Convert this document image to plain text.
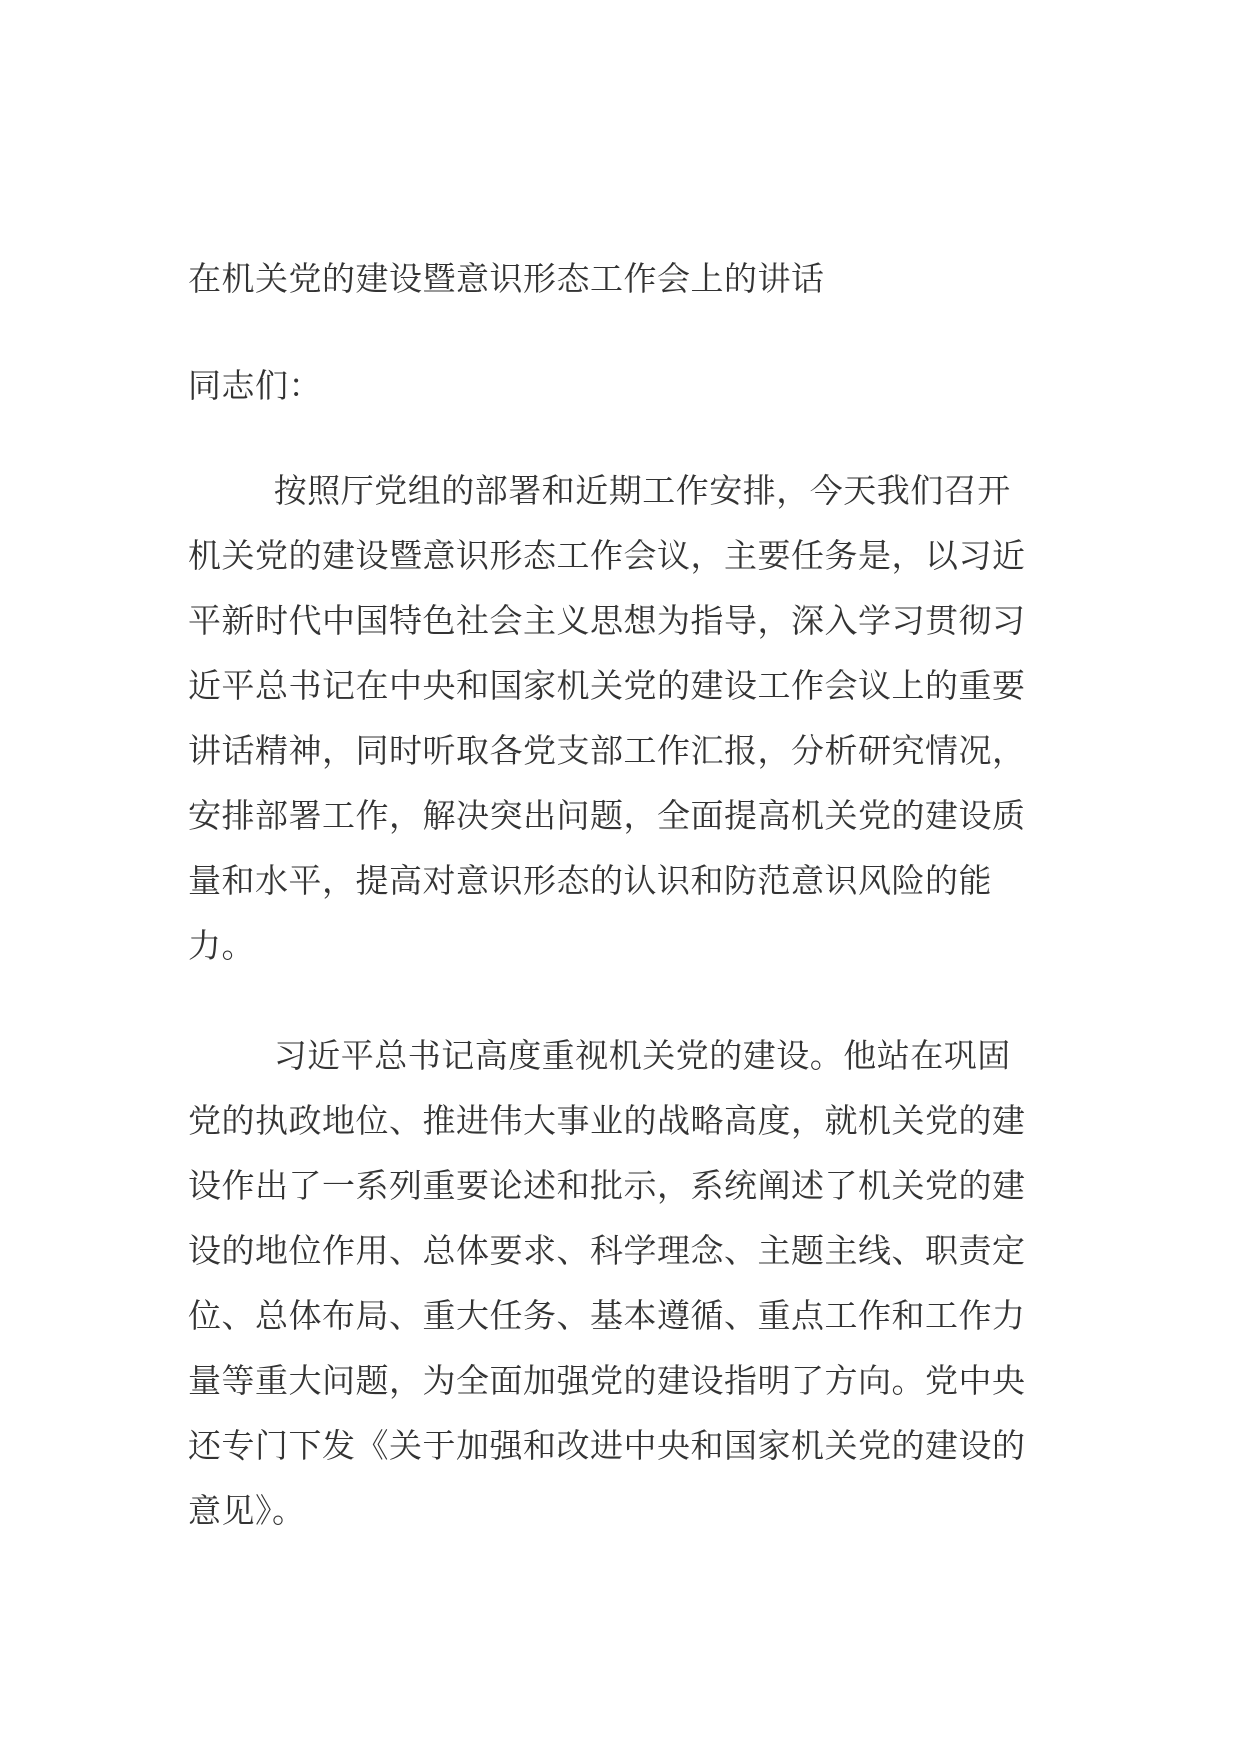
在机关党的建设暨意识形态工作会上的讲话

同志们：

按照厅党组的部署和近期工作安排，今天我们召开机关党的建设暨意识形态工作会议，主要任务是，以习近平新时代中国特色社会主义思想为指导，深入学习贯彻习近平总书记在中央和国家机关党的建设工作会议上的重要讲话精神，同时听取各党支部工作汇报，分析研究情况，安排部署工作，解决突出问题，全面提高机关党的建设质量和水平，提高对意识形态的认识和防范意识风险的能力。

习近平总书记高度重视机关党的建设。他站在巩固党的执政地位、推进伟大事业的战略高度，就机关党的建设作出了一系列重要论述和批示，系统阐述了机关党的建设的地位作用、总体要求、科学理念、主题主线、职责定位、总体布局、重大任务、基本遵循、重点工作和工作力量等重大问题，为全面加强党的建设指明了方向。党中央还专门下发《关于加强和改进中央和国家机关党的建设的意见》。
